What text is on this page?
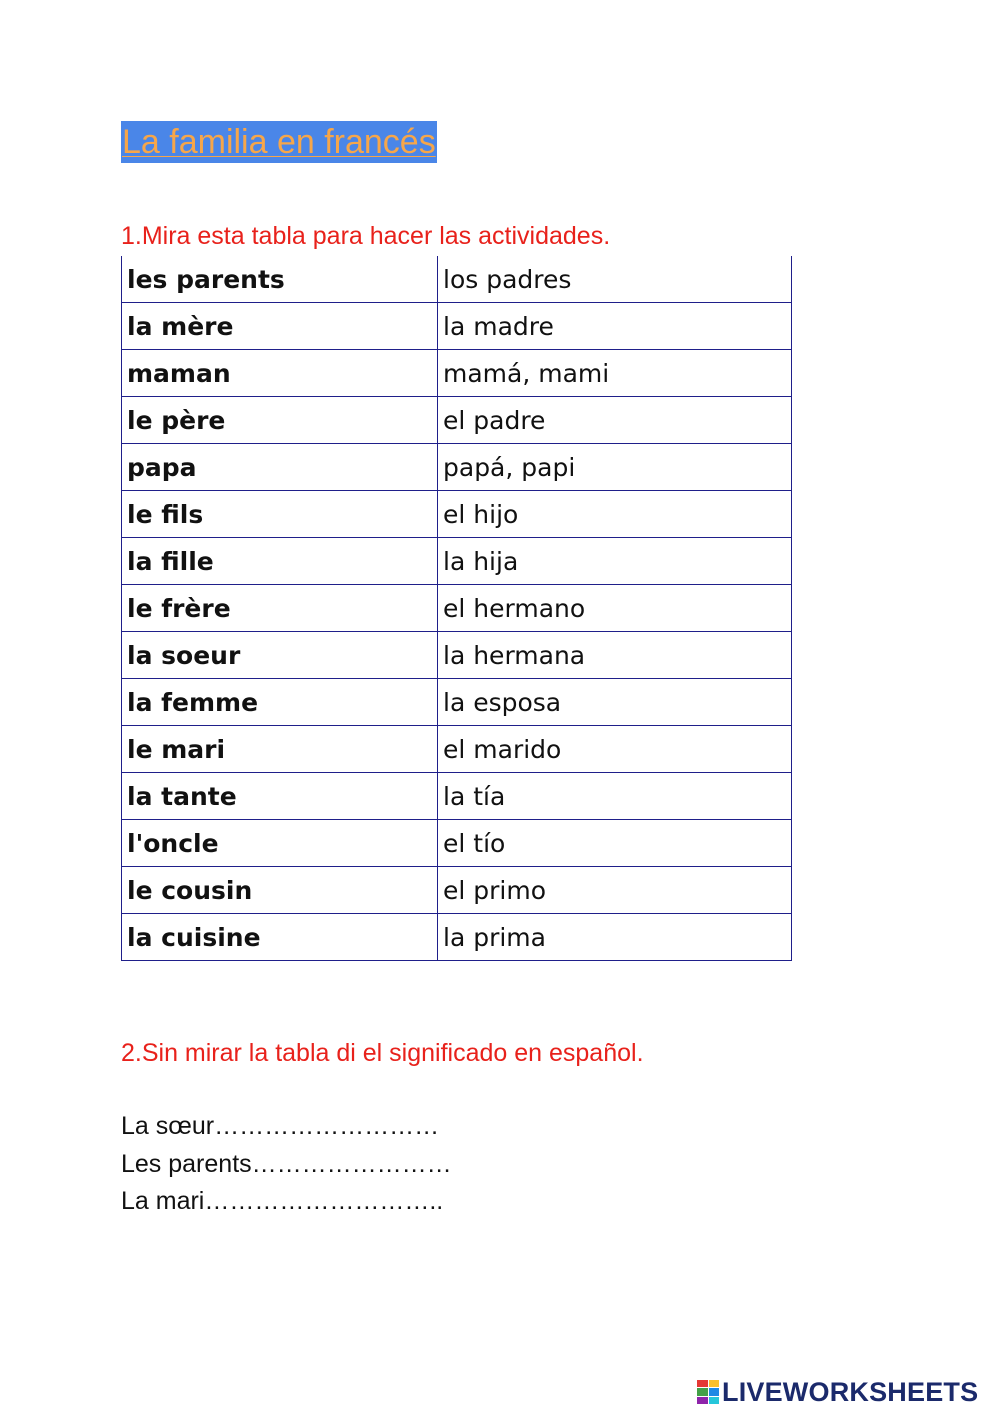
La familia en francés
1.Mira esta tabla para hacer las actividades.
les parents	los padres
la mère	la madre
maman	mamá, mami
le père	el padre
papa	papá, papi
le fils	el hijo
la fille	la hija
le frère	el hermano
la soeur	la hermana
la femme	la esposa
le mari	el marido
la tante	la tía
l'oncle	el tío
le cousin	el primo
la cuisine	la prima
2.Sin mirar la tabla di el significado en español.
La sœur………………………
Les parents……………………
La mari………………………..
LIVEWORKSHEETS
